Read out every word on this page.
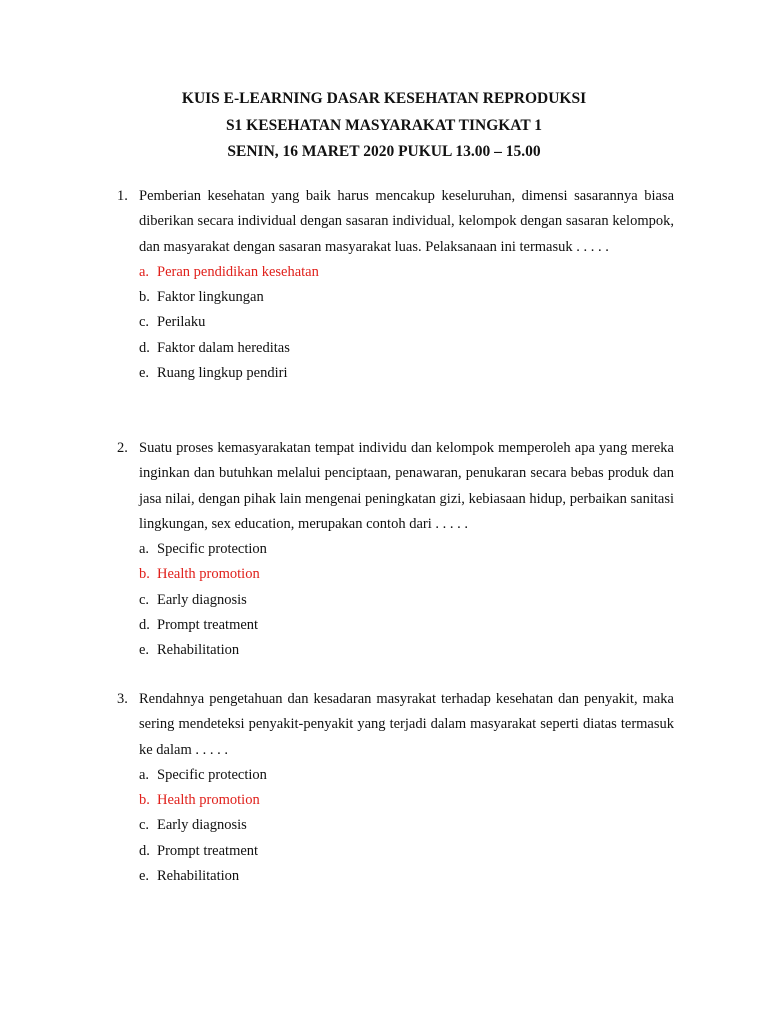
KUIS E-LEARNING DASAR KESEHATAN REPRODUKSI
S1 KESEHATAN MASYARAKAT TINGKAT 1
SENIN, 16 MARET 2020 PUKUL 13.00 – 15.00
1. Pemberian kesehatan yang baik harus mencakup keseluruhan, dimensi sasarannya biasa diberikan secara individual dengan sasaran individual, kelompok dengan sasaran kelompok, dan masyarakat dengan sasaran masyarakat luas. Pelaksanaan ini termasuk . . . . .
a. Peran pendidikan kesehatan
b. Faktor lingkungan
c. Perilaku
d. Faktor dalam hereditas
e. Ruang lingkup pendiri
2. Suatu proses kemasyarakatan tempat individu dan kelompok memperoleh apa yang mereka inginkan dan butuhkan melalui penciptaan, penawaran, penukaran secara bebas produk dan jasa nilai, dengan pihak lain mengenai peningkatan gizi, kebiasaan hidup, perbaikan sanitasi lingkungan, sex education, merupakan contoh dari . . . . .
a. Specific protection
b. Health promotion
c. Early diagnosis
d. Prompt treatment
e. Rehabilitation
3. Rendahnya pengetahuan dan kesadaran masyrakat terhadap kesehatan dan penyakit, maka sering mendeteksi penyakit-penyakit yang terjadi dalam masyarakat seperti diatas termasuk ke dalam . . . . .
a. Specific protection
b. Health promotion
c. Early diagnosis
d. Prompt treatment
e. Rehabilitation
